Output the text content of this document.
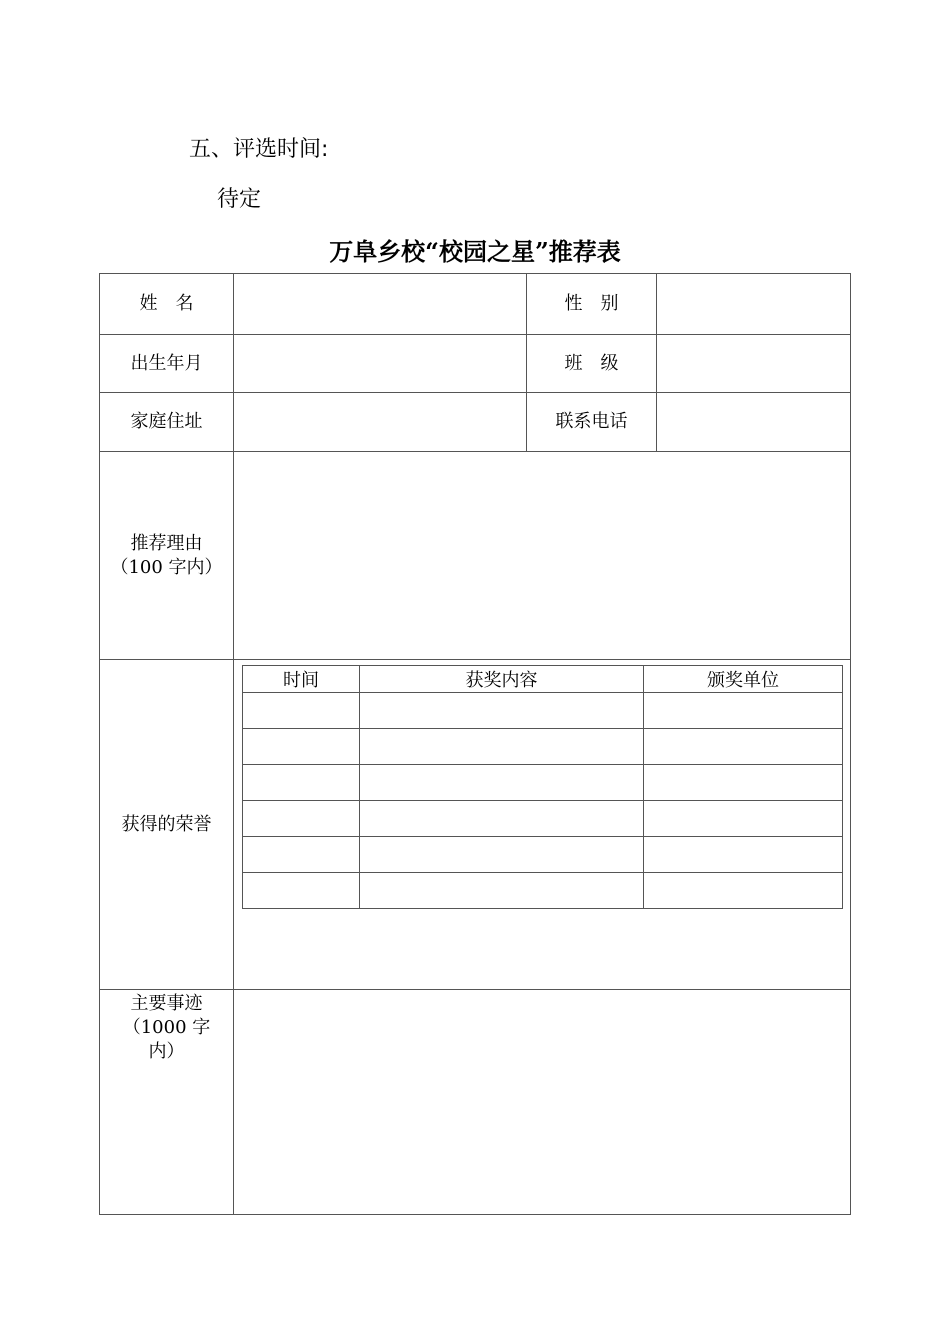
五、评选时间:
待定
万阜乡校“校园之星”推荐表
姓　名	性　别
出生年月	班　级
家庭住址	联系电话
推荐理由
（100 字内）
获得的荣誉
时间	获奖内容	颁奖单位
主要事迹
（1000 字
内）
